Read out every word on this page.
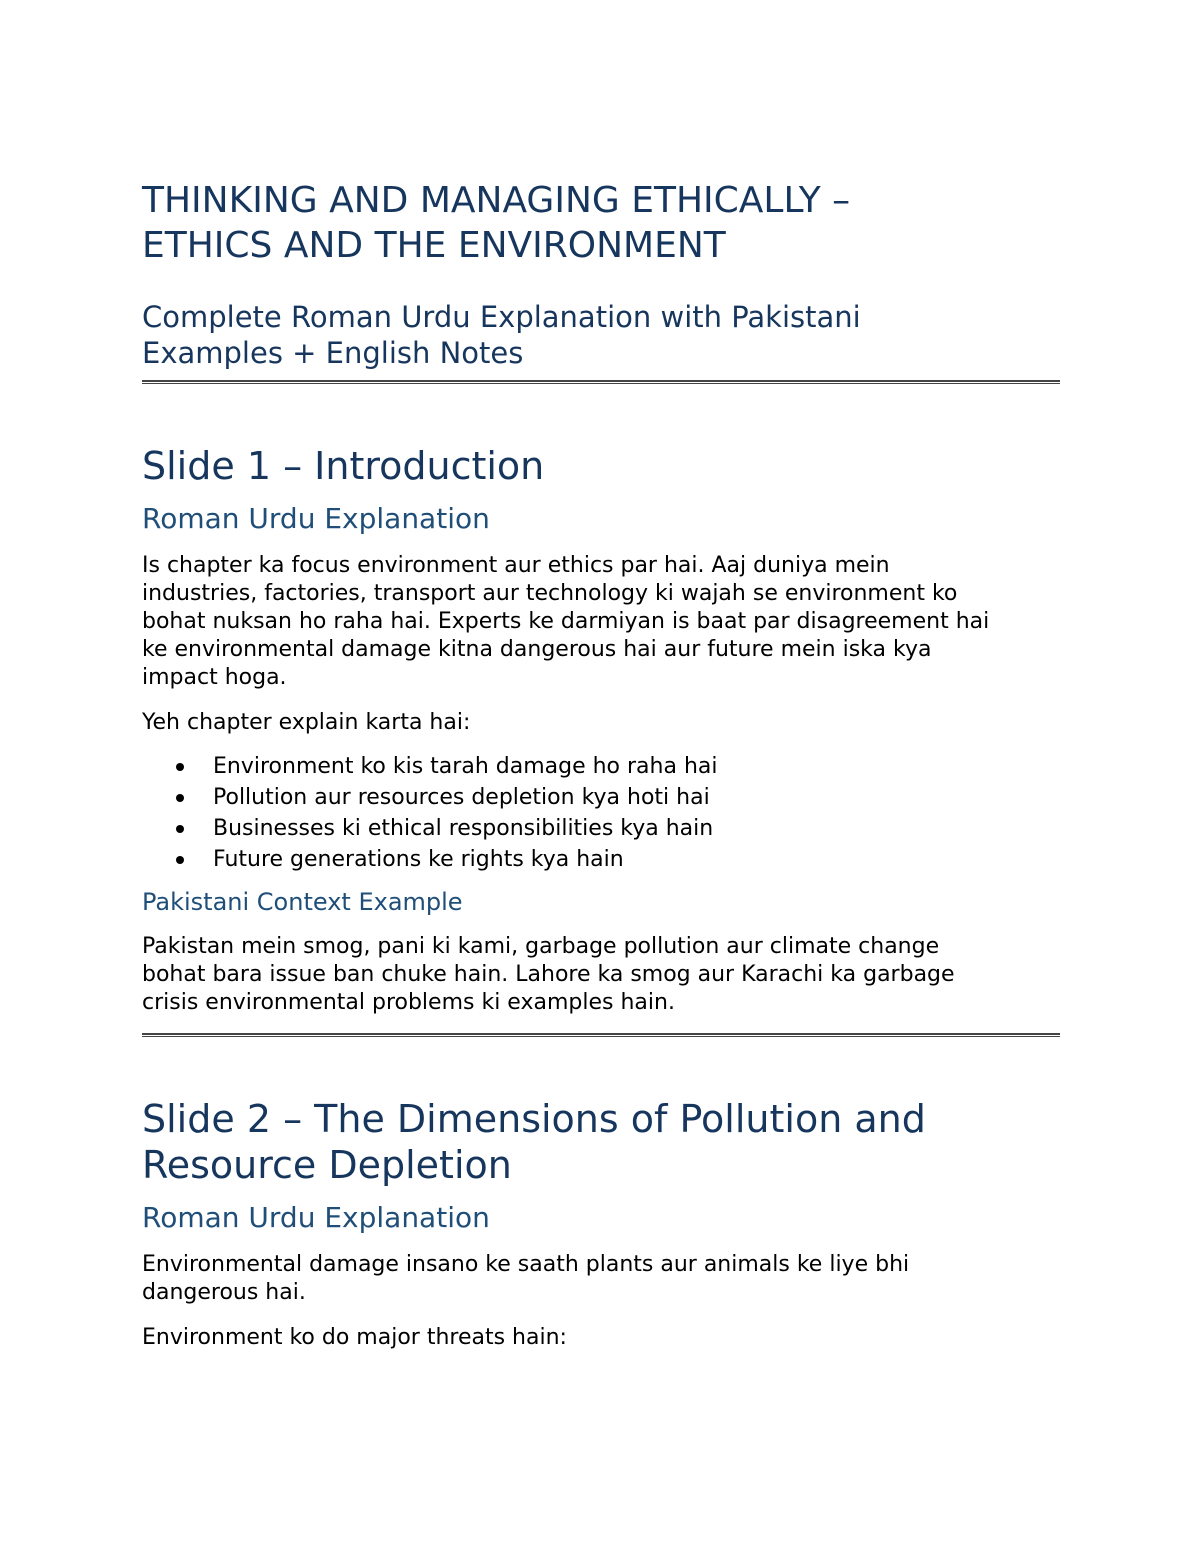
THINKING AND MANAGING ETHICALLY –
ETHICS AND THE ENVIRONMENT
Complete Roman Urdu Explanation with Pakistani
Examples + English Notes
Slide 1 – Introduction
Roman Urdu Explanation
Is chapter ka focus environment aur ethics par hai. Aaj duniya mein
industries, factories, transport aur technology ki wajah se environment ko
bohat nuksan ho raha hai. Experts ke darmiyan is baat par disagreement hai
ke environmental damage kitna dangerous hai aur future mein iska kya
impact hoga.
Yeh chapter explain karta hai:
Environment ko kis tarah damage ho raha hai
Pollution aur resources depletion kya hoti hai
Businesses ki ethical responsibilities kya hain
Future generations ke rights kya hain
Pakistani Context Example
Pakistan mein smog, pani ki kami, garbage pollution aur climate change
bohat bara issue ban chuke hain. Lahore ka smog aur Karachi ka garbage
crisis environmental problems ki examples hain.
Slide 2 – The Dimensions of Pollution and
Resource Depletion
Roman Urdu Explanation
Environmental damage insano ke saath plants aur animals ke liye bhi
dangerous hai.
Environment ko do major threats hain:
